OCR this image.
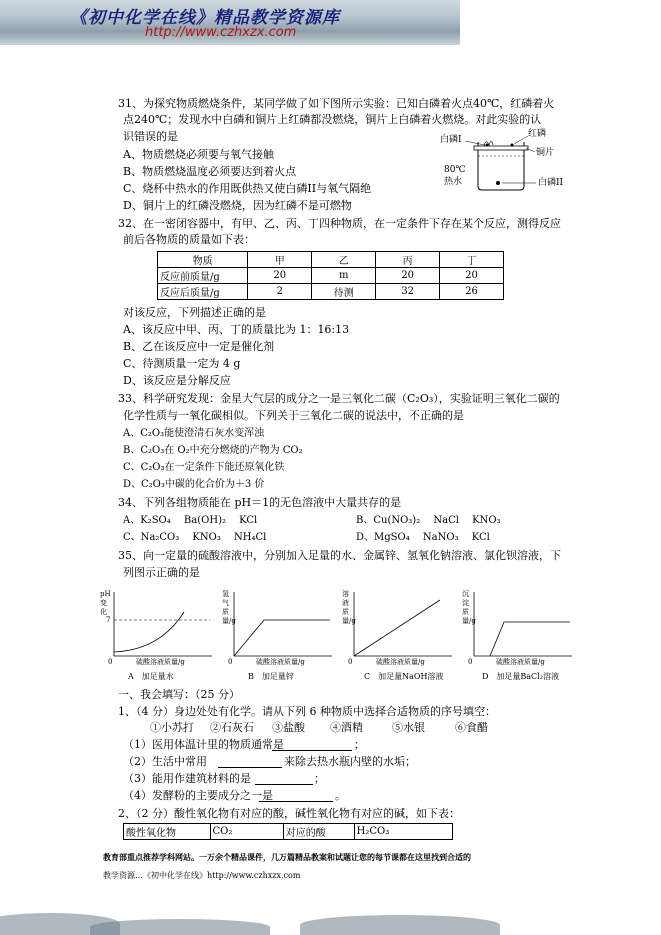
《初中化学在线》精品教学资源库
http://www.czhxzx.com
31、为探究物质燃烧条件，某同学做了如下图所示实验：已知白磷着火点40℃，红磷着火
点240℃；发现水中白磷和铜片上红磷都没燃烧，铜片上白磷着火燃烧。对此实验的认
识错误的是
A、物质燃烧必须要与氧气接触
B、物质燃烧温度必须要达到着火点
C、烧杯中热水的作用既供热又使白磷II与氧气隔绝
D、铜片上的红磷没燃烧，因为红磷不是可燃物
白磷I
红磷
铜片
80℃
热水	白磷II
32、在一密闭容器中，有甲、乙、丙、丁四种物质，在一定条件下存在某个反应，测得反应
前后各物质的质量如下表：
物质	甲	乙	丙	丁
反应前质量/g	20	m	20	20
反应后质量/g	2	待测	32	26
对该反应，下列描述正确的是
A、该反应中甲、丙、丁的质量比为 1：16:13
B、乙在该反应中一定是催化剂
C、待测质量一定为 4 g
D、该反应是分解反应
33、科学研究发现：金星大气层的成分之一是三氧化二碳（C₂O₃），实验证明三氧化二碳的
化学性质与一氧化碳相似。下列关于三氧化二碳的说法中，不正确的是
A、C₂O₃能使澄清石灰水变浑浊
B、C₂O₃在 O₂中充分燃烧的产物为 CO₂
C、C₂O₃在一定条件下能还原氧化铁
D、C₂O₃中碳的化合价为＋3 价
34、下列各组物质能在 pH＝1的无色溶液中大量共存的是
A、K₂SO₄　 Ba(OH)₂　 KCl	B、Cu(NO₃)₂　 NaCl　 KNO₃
C、Na₂CO₃　 KNO₃　 NH₄Cl	D、MgSO₄　 NaNO₃　 KCl
35、向一定量的硫酸溶液中，分别加入足量的水、金属锌、氢氧化钠溶液、氯化钡溶液，下
列图示正确的是
pH 变化
7
0	硫酸溶液质量/g
A　加足量水
氢气质量/g
0	硫酸溶液质量/g
B　加足量锌
溶液质量/g
0	硫酸溶液质量/g
C　加足量NaOH溶液
沉淀质量/g
0	硫酸溶液质量/g
D　加足量BaCl₂溶液
一、我会填写：（25 分）
1、（4 分）身边处处有化学。请从下列 6 种物质中选择合适物质的序号填空：
①小苏打 ②石灰石 ③盐酸 ④酒精	⑤水银	⑥食醋
（1）医用体温计里的物质通常是	；
（2）生活中常用	来除去热水瓶内壁的水垢；
（3）能用作建筑材料的是	；
（4）发酵粉的主要成分之一是	。
2、（2 分）酸性氧化物有对应的酸，碱性氧化物有对应的碱，如下表：
酸性氧化物	CO₂	对应的酸	H₂CO₃
教育部重点推荐学科网站。一万余个精品课件，几万篇精品教案和试题让您的每节课都在这里找到合适的
教学资源…《初中化学在线》http://www.czhxzx.com
